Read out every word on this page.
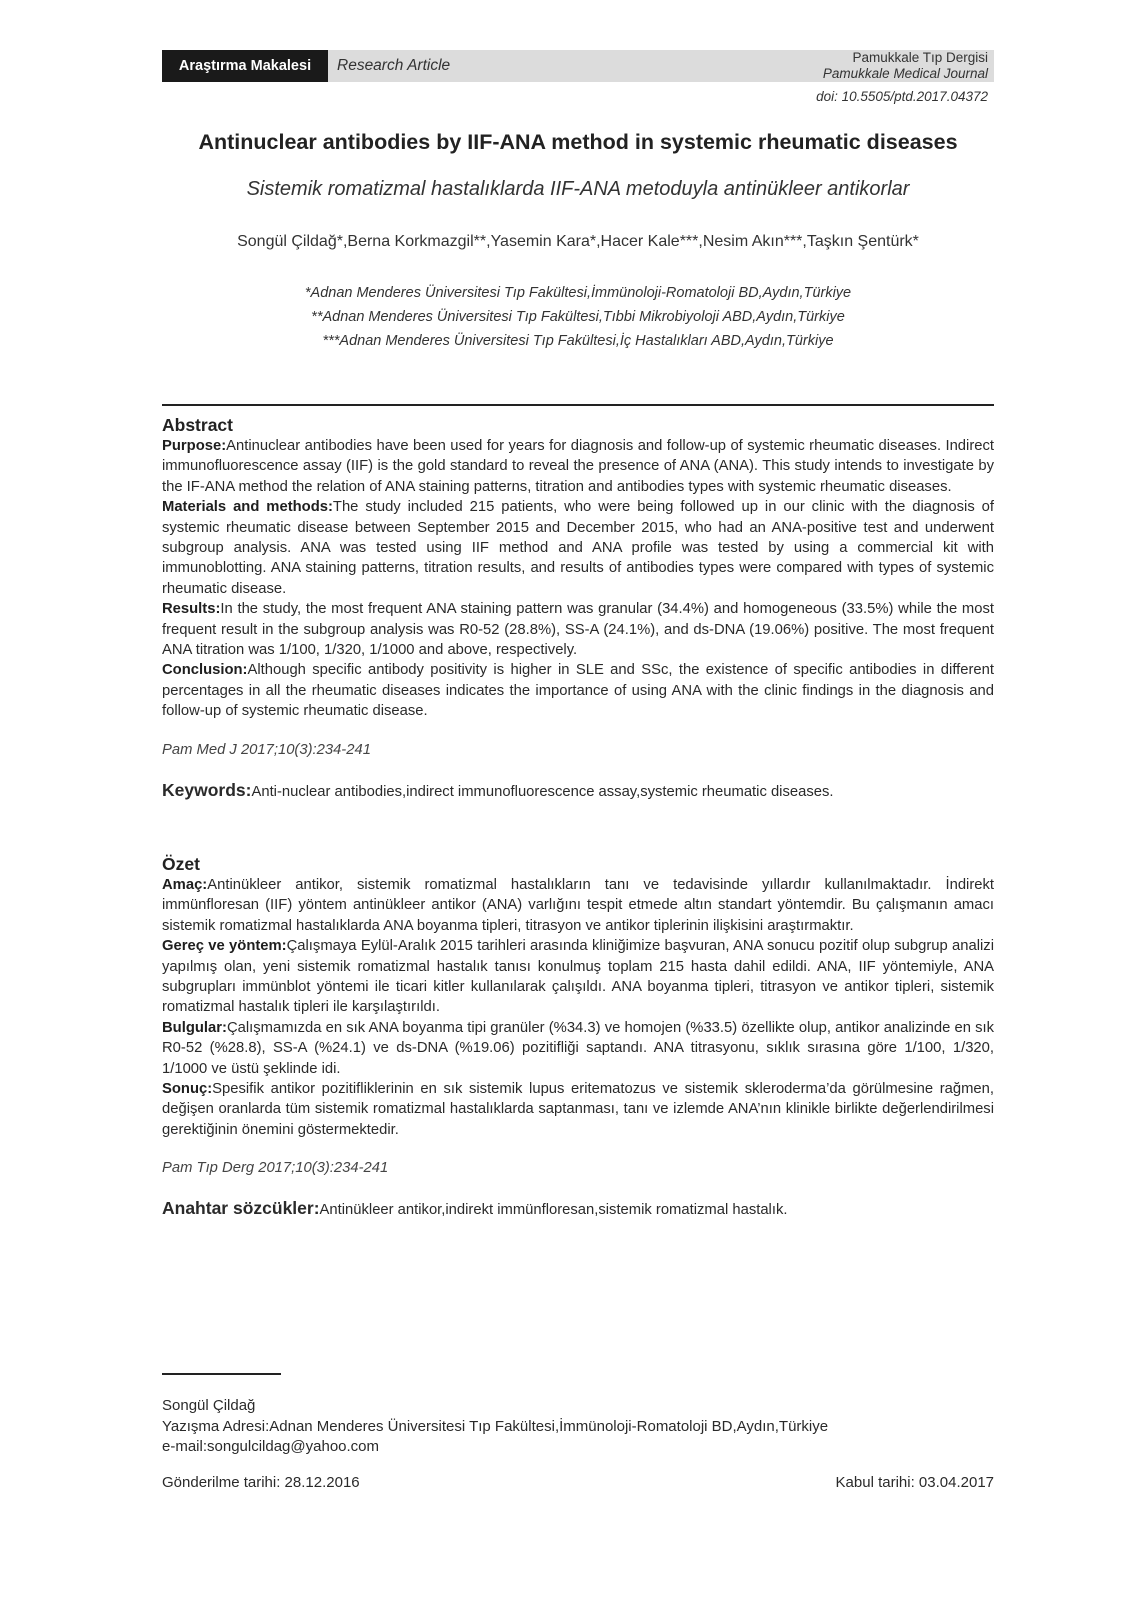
Araştırma Makalesi	Research Article	Pamukkale Tıp Dergisi
Pamukkale Medical Journal
doi: 10.5505/ptd.2017.04372
Antinuclear antibodies by IIF-ANA method in systemic rheumatic diseases
Sistemik romatizmal hastalıklarda IIF-ANA metoduyla antinükleer antikorlar
Songül Çildağ*,Berna Korkmazgil**,Yasemin Kara*,Hacer Kale***,Nesim Akın***,Taşkın Şentürk*
*Adnan Menderes Üniversitesi Tıp Fakültesi,İmmünoloji-Romatoloji BD,Aydın,Türkiye
**Adnan Menderes Üniversitesi Tıp Fakültesi,Tıbbi Mikrobiyoloji ABD,Aydın,Türkiye
***Adnan Menderes Üniversitesi Tıp Fakültesi,İç Hastalıkları ABD,Aydın,Türkiye
Abstract
Purpose:Antinuclear antibodies have been used for years for diagnosis and follow-up of systemic rheumatic diseases. Indirect immunofluorescence assay (IIF) is the gold standard to reveal the presence of ANA (ANA). This study intends to investigate by the IF-ANA method the relation of ANA staining patterns, titration and antibodies types with systemic rheumatic diseases.
Materials and methods:The study included 215 patients, who were being followed up in our clinic with the diagnosis of systemic rheumatic disease between September 2015 and December 2015, who had an ANA-positive test and underwent subgroup analysis. ANA was tested using IIF method and ANA profile was tested by using a commercial kit with immunoblotting. ANA staining patterns, titration results, and results of antibodies types were compared with types of systemic rheumatic disease.
Results:In the study, the most frequent ANA staining pattern was granular (34.4%) and homogeneous (33.5%) while the most frequent result in the subgroup analysis was R0-52 (28.8%), SS-A (24.1%), and ds-DNA (19.06%) positive. The most frequent ANA titration was 1/100, 1/320, 1/1000 and above, respectively.
Conclusion:Although specific antibody positivity is higher in SLE and SSc, the existence of specific antibodies in different percentages in all the rheumatic diseases indicates the importance of using ANA with the clinic findings in the diagnosis and follow-up of systemic rheumatic disease.
Pam Med J 2017;10(3):234-241
Keywords:Anti-nuclear antibodies,indirect immunofluorescence assay,systemic rheumatic diseases.
Özet
Amaç:Antinükleer antikor, sistemik romatizmal hastalıkların tanı ve tedavisinde yıllardır kullanılmaktadır. İndirekt immünfloresan (IIF) yöntem antinükleer antikor (ANA) varlığını tespit etmede altın standart yöntemdir. Bu çalışmanın amacı sistemik romatizmal hastalıklarda ANA boyanma tipleri, titrasyon ve antikor tiplerinin ilişkisini araştırmaktır.
Gereç ve yöntem:Çalışmaya Eylül-Aralık 2015 tarihleri arasında kliniğimize başvuran, ANA sonucu pozitif olup subgrup analizi yapılmış olan, yeni sistemik romatizmal hastalık tanısı konulmuş toplam 215 hasta dahil edildi. ANA, IIF yöntemiyle, ANA subgrupları immünblot yöntemi ile ticari kitler kullanılarak çalışıldı. ANA boyanma tipleri, titrasyon ve antikor tipleri, sistemik romatizmal hastalık tipleri ile karşılaştırıldı.
Bulgular:Çalışmamızda en sık ANA boyanma tipi granüler (%34.3) ve homojen (%33.5) özellikte olup, antikor analizinde en sık R0-52 (%28.8), SS-A (%24.1) ve ds-DNA (%19.06) pozitifliği saptandı. ANA titrasyonu, sıklık sırasına göre 1/100, 1/320, 1/1000 ve üstü şeklinde idi.
Sonuç:Spesifik antikor pozitifliklerinin en sık sistemik lupus eritematozus ve sistemik skleroderma’da görülmesine rağmen, değişen oranlarda tüm sistemik romatizmal hastalıklarda saptanması, tanı ve izlemde ANA’nın klinikle birlikte değerlendirilmesi gerektiğinin önemini göstermektedir.
Pam Tıp Derg 2017;10(3):234-241
Anahtar sözcükler:Antinükleer antikor,indirekt immünfloresan,sistemik romatizmal hastalık.
Songül Çildağ
Yazışma Adresi:Adnan Menderes Üniversitesi Tıp Fakültesi,İmmünoloji-Romatoloji BD,Aydın,Türkiye
e-mail:songulcildag@yahoo.com
Gönderilme tarihi: 28.12.2016	Kabul tarihi: 03.04.2017
